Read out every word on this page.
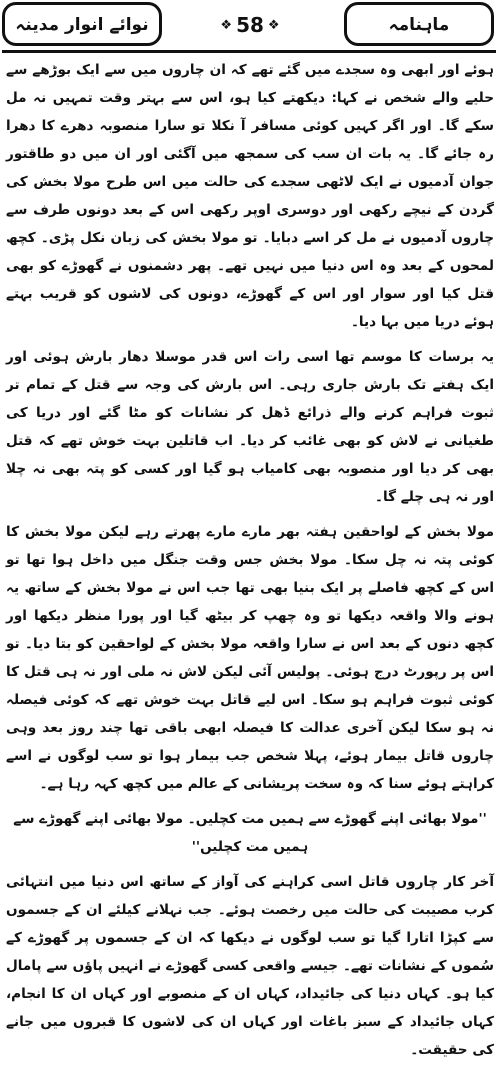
ماہنامہ
❖ 58 ❖
نوائے انوار مدینہ

ہوئے اور ابھی وہ سجدے میں گئے تھے کہ ان چاروں میں سے ایک بوڑھے سے حلیے والے شخص نے کہا: دیکھتے کیا ہو، اس سے بہتر وقت تمہیں نہ مل سکے گا۔ اور اگر کہیں کوئی مسافر آ نکلا تو سارا منصوبہ دھرے کا دھرا رہ جائے گا۔ یہ بات ان سب کی سمجھ میں آگئی اور ان میں دو طاقتور جوان آدمیوں نے ایک لاٹھی سجدے کی حالت میں اس طرح مولا بخش کی گردن کے نیچے رکھی اور دوسری اوپر رکھی اس کے بعد دونوں طرف سے چاروں آدمیوں نے مل کر اسے دبایا۔ تو مولا بخش کی زبان نکل پڑی۔ کچھ لمحوں کے بعد وہ اس دنیا میں نہیں تھے۔ پھر دشمنوں نے گھوڑے کو بھی قتل کیا اور سوار اور اس کے گھوڑے، دونوں کی لاشوں کو قریب بہتے ہوئے دریا میں بہا دیا۔

یہ برسات کا موسم تھا اسی رات اس قدر موسلا دھار بارش ہوئی اور ایک ہفتے تک بارش جاری رہی۔ اس بارش کی وجہ سے قتل کے تمام تر ثبوت فراہم کرنے والے ذرائع ڈھل کر نشانات کو مٹا گئے اور دریا کی طغیانی نے لاش کو بھی غائب کر دیا۔ اب قاتلین بہت خوش تھے کہ قتل بھی کر دیا اور منصوبہ بھی کامیاب ہو گیا اور کسی کو پتہ بھی نہ چلا اور نہ ہی چلے گا۔

مولا بخش کے لواحقین ہفتہ بھر مارے مارے پھرتے رہے لیکن مولا بخش کا کوئی پتہ نہ چل سکا۔ مولا بخش جس وقت جنگل میں داخل ہوا تھا تو اس کے کچھ فاصلے پر ایک بنیا بھی تھا جب اس نے مولا بخش کے ساتھ یہ ہونے والا واقعہ دیکھا تو وہ چھپ کر بیٹھ گیا اور پورا منظر دیکھا اور کچھ دنوں کے بعد اس نے سارا واقعہ مولا بخش کے لواحقین کو بتا دیا۔ تو اس پر رپورٹ درج ہوئی۔ پولیس آئی لیکن لاش نہ ملی اور نہ ہی قتل کا کوئی ثبوت فراہم ہو سکا۔ اس لیے قاتل بہت خوش تھے کہ کوئی فیصلہ نہ ہو سکا لیکن آخری عدالت کا فیصلہ ابھی باقی تھا چند روز بعد وہی چاروں قاتل بیمار ہوئے، پہلا شخص جب بیمار ہوا تو سب لوگوں نے اسے کراہتے ہوئے سنا کہ وہ سخت پریشانی کے عالم میں کچھ کہہ رہا ہے۔

''مولا بھائی اپنے گھوڑے سے ہمیں مت کچلیں۔ مولا بھائی اپنے گھوڑے سے ہمیں مت کچلیں''

آخر کار چاروں قاتل اسی کراہنے کی آواز کے ساتھ اس دنیا میں انتہائی کرب مصیبت کی حالت میں رخصت ہوئے۔ جب نہلانے کیلئے ان کے جسموں سے کپڑا اتارا گیا تو سب لوگوں نے دیکھا کہ ان کے جسموں پر گھوڑے کے سُموں کے نشانات تھے۔ جیسے واقعی کسی گھوڑے نے انہیں پاؤں سے پامال کیا ہو۔ کہاں دنیا کی جائیداد، کہاں ان کے منصوبے اور کہاں ان کا انجام، کہاں جائیداد کے سبز باغات اور کہاں ان کی لاشوں کا قبروں میں جانے کی حقیقت۔
